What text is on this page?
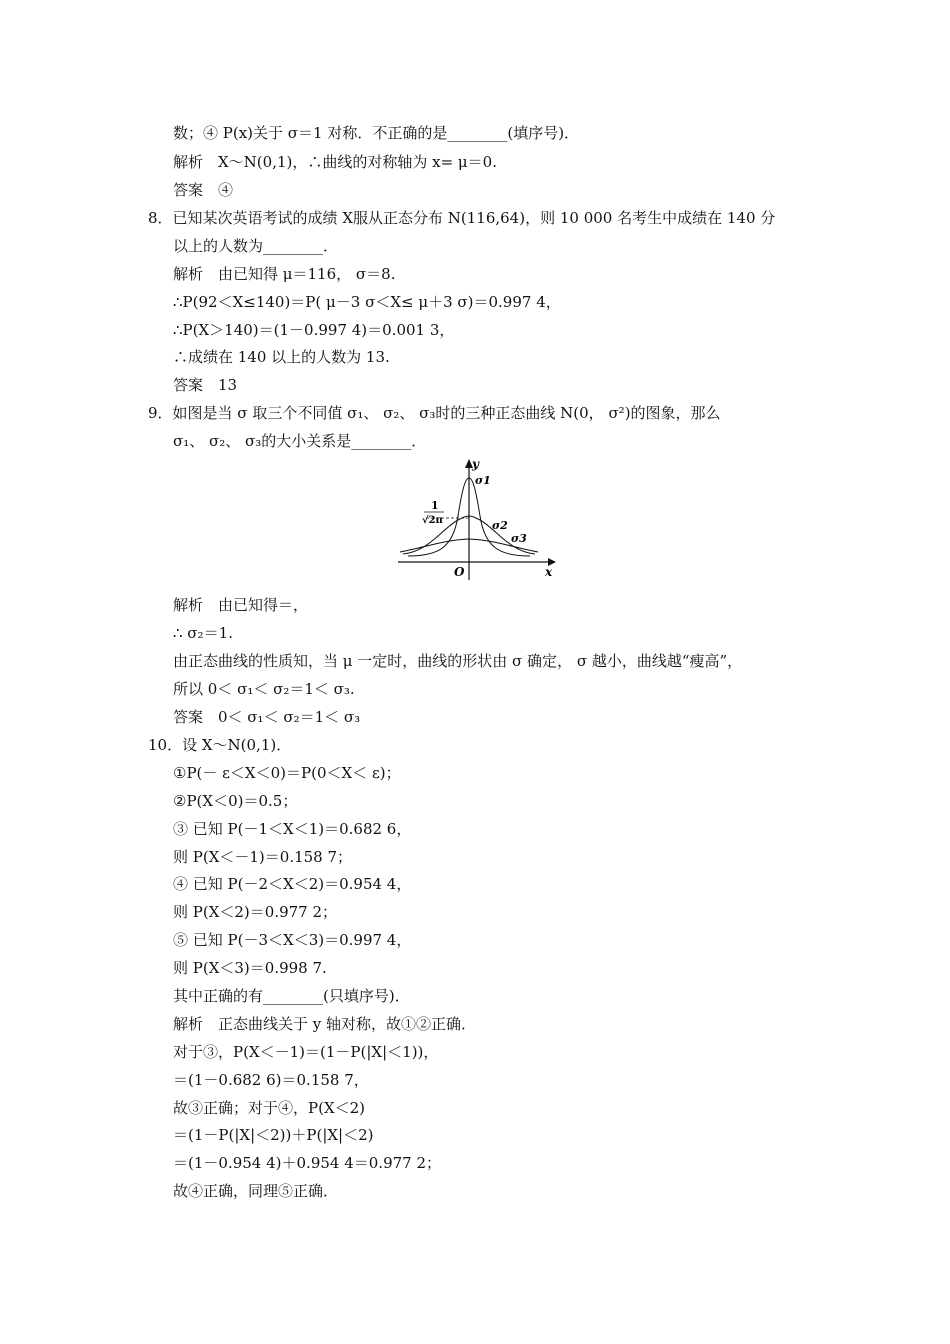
数；④ P(x)关于 σ＝1 对称．不正确的是________(填序号)．
解析　X～N(0,1)，∴曲线的对称轴为 x= μ＝0.
答案　④
8．已知某次英语考试的成绩 X服从正态分布 N(116,64)，则 10 000 名考生中成绩在 140 分
以上的人数为________．
解析　由已知得 μ＝116， σ＝8.
∴P(92＜X≤140)＝P( μ－3 σ＜X≤ μ＋3 σ)＝0.997 4，
∴P(X＞140)＝(1－0.997 4)＝0.001 3，
∴成绩在 140 以上的人数为 13.
答案　13
9．如图是当 σ 取三个不同值 σ₁、 σ₂、 σ₃时的三种正态曲线 N(0， σ²)的图象，那么
σ₁、 σ₂、 σ₃的大小关系是________．
y
x
O
1
√2π
σ1
σ2
σ3
解析　由已知得＝，
∴ σ₂＝1.
由正态曲线的性质知，当 μ 一定时，曲线的形状由 σ 确定， σ 越小，曲线越“瘦高”，
所以 0＜ σ₁＜ σ₂＝1＜ σ₃.
答案　0＜ σ₁＜ σ₂＝1＜ σ₃
10．设 X～N(0,1)．
①P(－ ε＜X＜0)＝P(0＜X＜ ε)；
②P(X＜0)＝0.5；
③ 已知 P(－1＜X＜1)＝0.682 6，
则 P(X＜－1)＝0.158 7；
④ 已知 P(－2＜X＜2)＝0.954 4，
则 P(X＜2)＝0.977 2；
⑤ 已知 P(－3＜X＜3)＝0.997 4，
则 P(X＜3)＝0.998 7.
其中正确的有________(只填序号)．
解析　正态曲线关于 y 轴对称，故①②正确．
对于③，P(X＜－1)＝(1－P(|X|＜1))，
＝(1－0.682 6)＝0.158 7，
故③正确；对于④，P(X＜2)
＝(1－P(|X|＜2))＋P(|X|＜2)
＝(1－0.954 4)＋0.954 4＝0.977 2；
故④正确，同理⑤正确．
